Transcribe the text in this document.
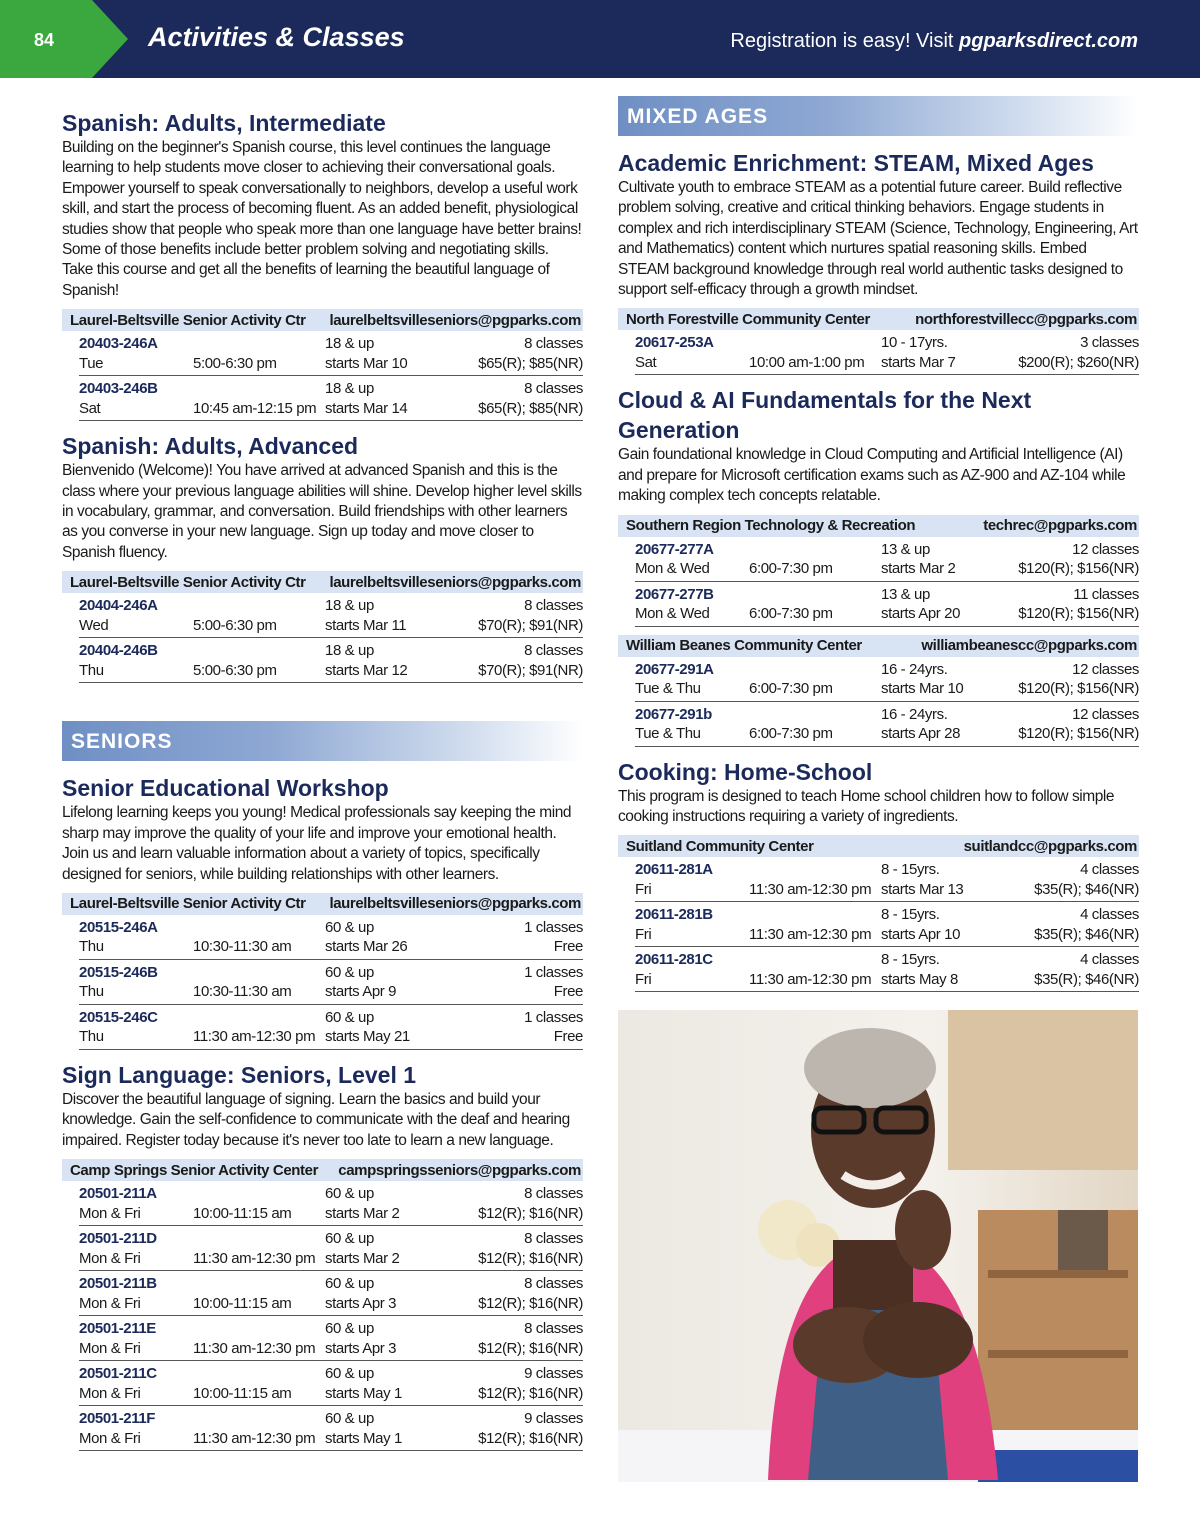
84	Activities & Classes	Registration is easy! Visit pgparksdirect.com
Spanish: Adults, Intermediate

Building on the beginner's Spanish course, this level continues the language learning to help students move closer to achieving their conversational goals. Empower yourself to speak conversationally to neighbors, develop a useful work skill, and start the process of becoming fluent. As an added benefit, physiological studies show that people who speak more than one language have better brains! Some of those benefits include better problem solving and negotiating skills. Take this course and get all the benefits of learning the beautiful language of Spanish!

Laurel-Beltsville Senior Activity Ctr laurelbeltsvilleseniors@pgparks.com
20403-246A	18 & up	8 classes
Tue	5:00-6:30 pm	starts Mar 10	$65(R); $85(NR)
20403-246B	18 & up	8 classes
Sat	10:45 am-12:15 pm starts Mar 14	$65(R); $85(NR)
Spanish: Adults, Advanced

Bienvenido (Welcome)! You have arrived at advanced Spanish and this is the class where your previous language abilities will shine. Develop higher level skills in vocabulary, grammar, and conversation. Build friendships with other learners as you converse in your new language. Sign up today and move closer to Spanish fluency.

Laurel-Beltsville Senior Activity Ctr laurelbeltsvilleseniors@pgparks.com
20404-246A	18 & up	8 classes
Wed	5:00-6:30 pm	starts Mar 11	$70(R); $91(NR)
20404-246B	18 & up	8 classes
Thu	5:00-6:30 pm	starts Mar 12	$70(R); $91(NR)
SENIORS
Senior Educational Workshop

Lifelong learning keeps you young! Medical professionals say keeping the mind sharp may improve the quality of your life and improve your emotional health. Join us and learn valuable information about a variety of topics, specifically designed for seniors, while building relationships with other learners.

Laurel-Beltsville Senior Activity Ctr laurelbeltsvilleseniors@pgparks.com
20515-246A	60 & up	1 classes
Thu	10:30-11:30 am	starts Mar 26	Free
20515-246B	60 & up	1 classes
Thu	10:30-11:30 am	starts Apr 9	Free
20515-246C	60 & up	1 classes
Thu	11:30 am-12:30 pm starts May 21	Free
Sign Language: Seniors, Level 1

Discover the beautiful language of signing. Learn the basics and build your knowledge. Gain the self-confidence to communicate with the deaf and hearing impaired. Register today because it's never too late to learn a new language.

Camp Springs Senior Activity Center campspringsseniors@pgparks.com
20501-211A	60 & up	8 classes
Mon & Fri	10:00-11:15 am	starts Mar 2	$12(R); $16(NR)
20501-211D	60 & up	8 classes
Mon & Fri	11:30 am-12:30 pm starts Mar 2	$12(R); $16(NR)
20501-211B	60 & up	8 classes
Mon & Fri	10:00-11:15 am	starts Apr 3	$12(R); $16(NR)
20501-211E	60 & up	8 classes
Mon & Fri	11:30 am-12:30 pm starts Apr 3	$12(R); $16(NR)
20501-211C	60 & up	9 classes
Mon & Fri	10:00-11:15 am	starts May 1	$12(R); $16(NR)
20501-211F	60 & up	9 classes
Mon & Fri	11:30 am-12:30 pm starts May 1	$12(R); $16(NR)
MIXED AGES
Academic Enrichment: STEAM, Mixed Ages

Cultivate youth to embrace STEAM as a potential future career. Build reflective problem solving, creative and critical thinking behaviors. Engage students in complex and rich interdisciplinary STEAM (Science, Technology, Engineering, Art and Mathematics) content which nurtures spatial reasoning skills. Embed STEAM background knowledge through real world authentic tasks designed to support self-efficacy through a growth mindset.

North Forestville Community Center	northforestvillecc@pgparks.com
20617-253A	10 - 17yrs.	3 classes
Sat	10:00 am-1:00 pm	starts Mar 7	$200(R); $260(NR)
Cloud & AI Fundamentals for the Next Generation

Gain foundational knowledge in Cloud Computing and Artificial Intelligence (AI) and prepare for Microsoft certification exams such as AZ-900 and AZ-104 while making complex tech concepts relatable.

Southern Region Technology & Recreation	techrec@pgparks.com
20677-277A	13 & up	12 classes
Mon & Wed	6:00-7:30 pm	starts Mar 2	$120(R); $156(NR)
20677-277B	13 & up	11 classes
Mon & Wed	6:00-7:30 pm	starts Apr 20	$120(R); $156(NR)
William Beanes Community Center	williambeanescc@pgparks.com
20677-291A	16 - 24yrs.	12 classes
Tue & Thu	6:00-7:30 pm	starts Mar 10	$120(R); $156(NR)
20677-291b	16 - 24yrs.	12 classes
Tue & Thu	6:00-7:30 pm	starts Apr 28	$120(R); $156(NR)
Cooking: Home-School

This program is designed to teach Home school children how to follow simple cooking instructions requiring a variety of ingredients.

Suitland Community Center	suitlandcc@pgparks.com
20611-281A	8 - 15yrs.	4 classes
Fri	11:30 am-12:30 pm starts Mar 13	$35(R); $46(NR)
20611-281B	8 - 15yrs.	4 classes
Fri	11:30 am-12:30 pm starts Apr 10	$35(R); $46(NR)
20611-281C	8 - 15yrs.	4 classes
Fri	11:30 am-12:30 pm starts May 8	$35(R); $46(NR)
